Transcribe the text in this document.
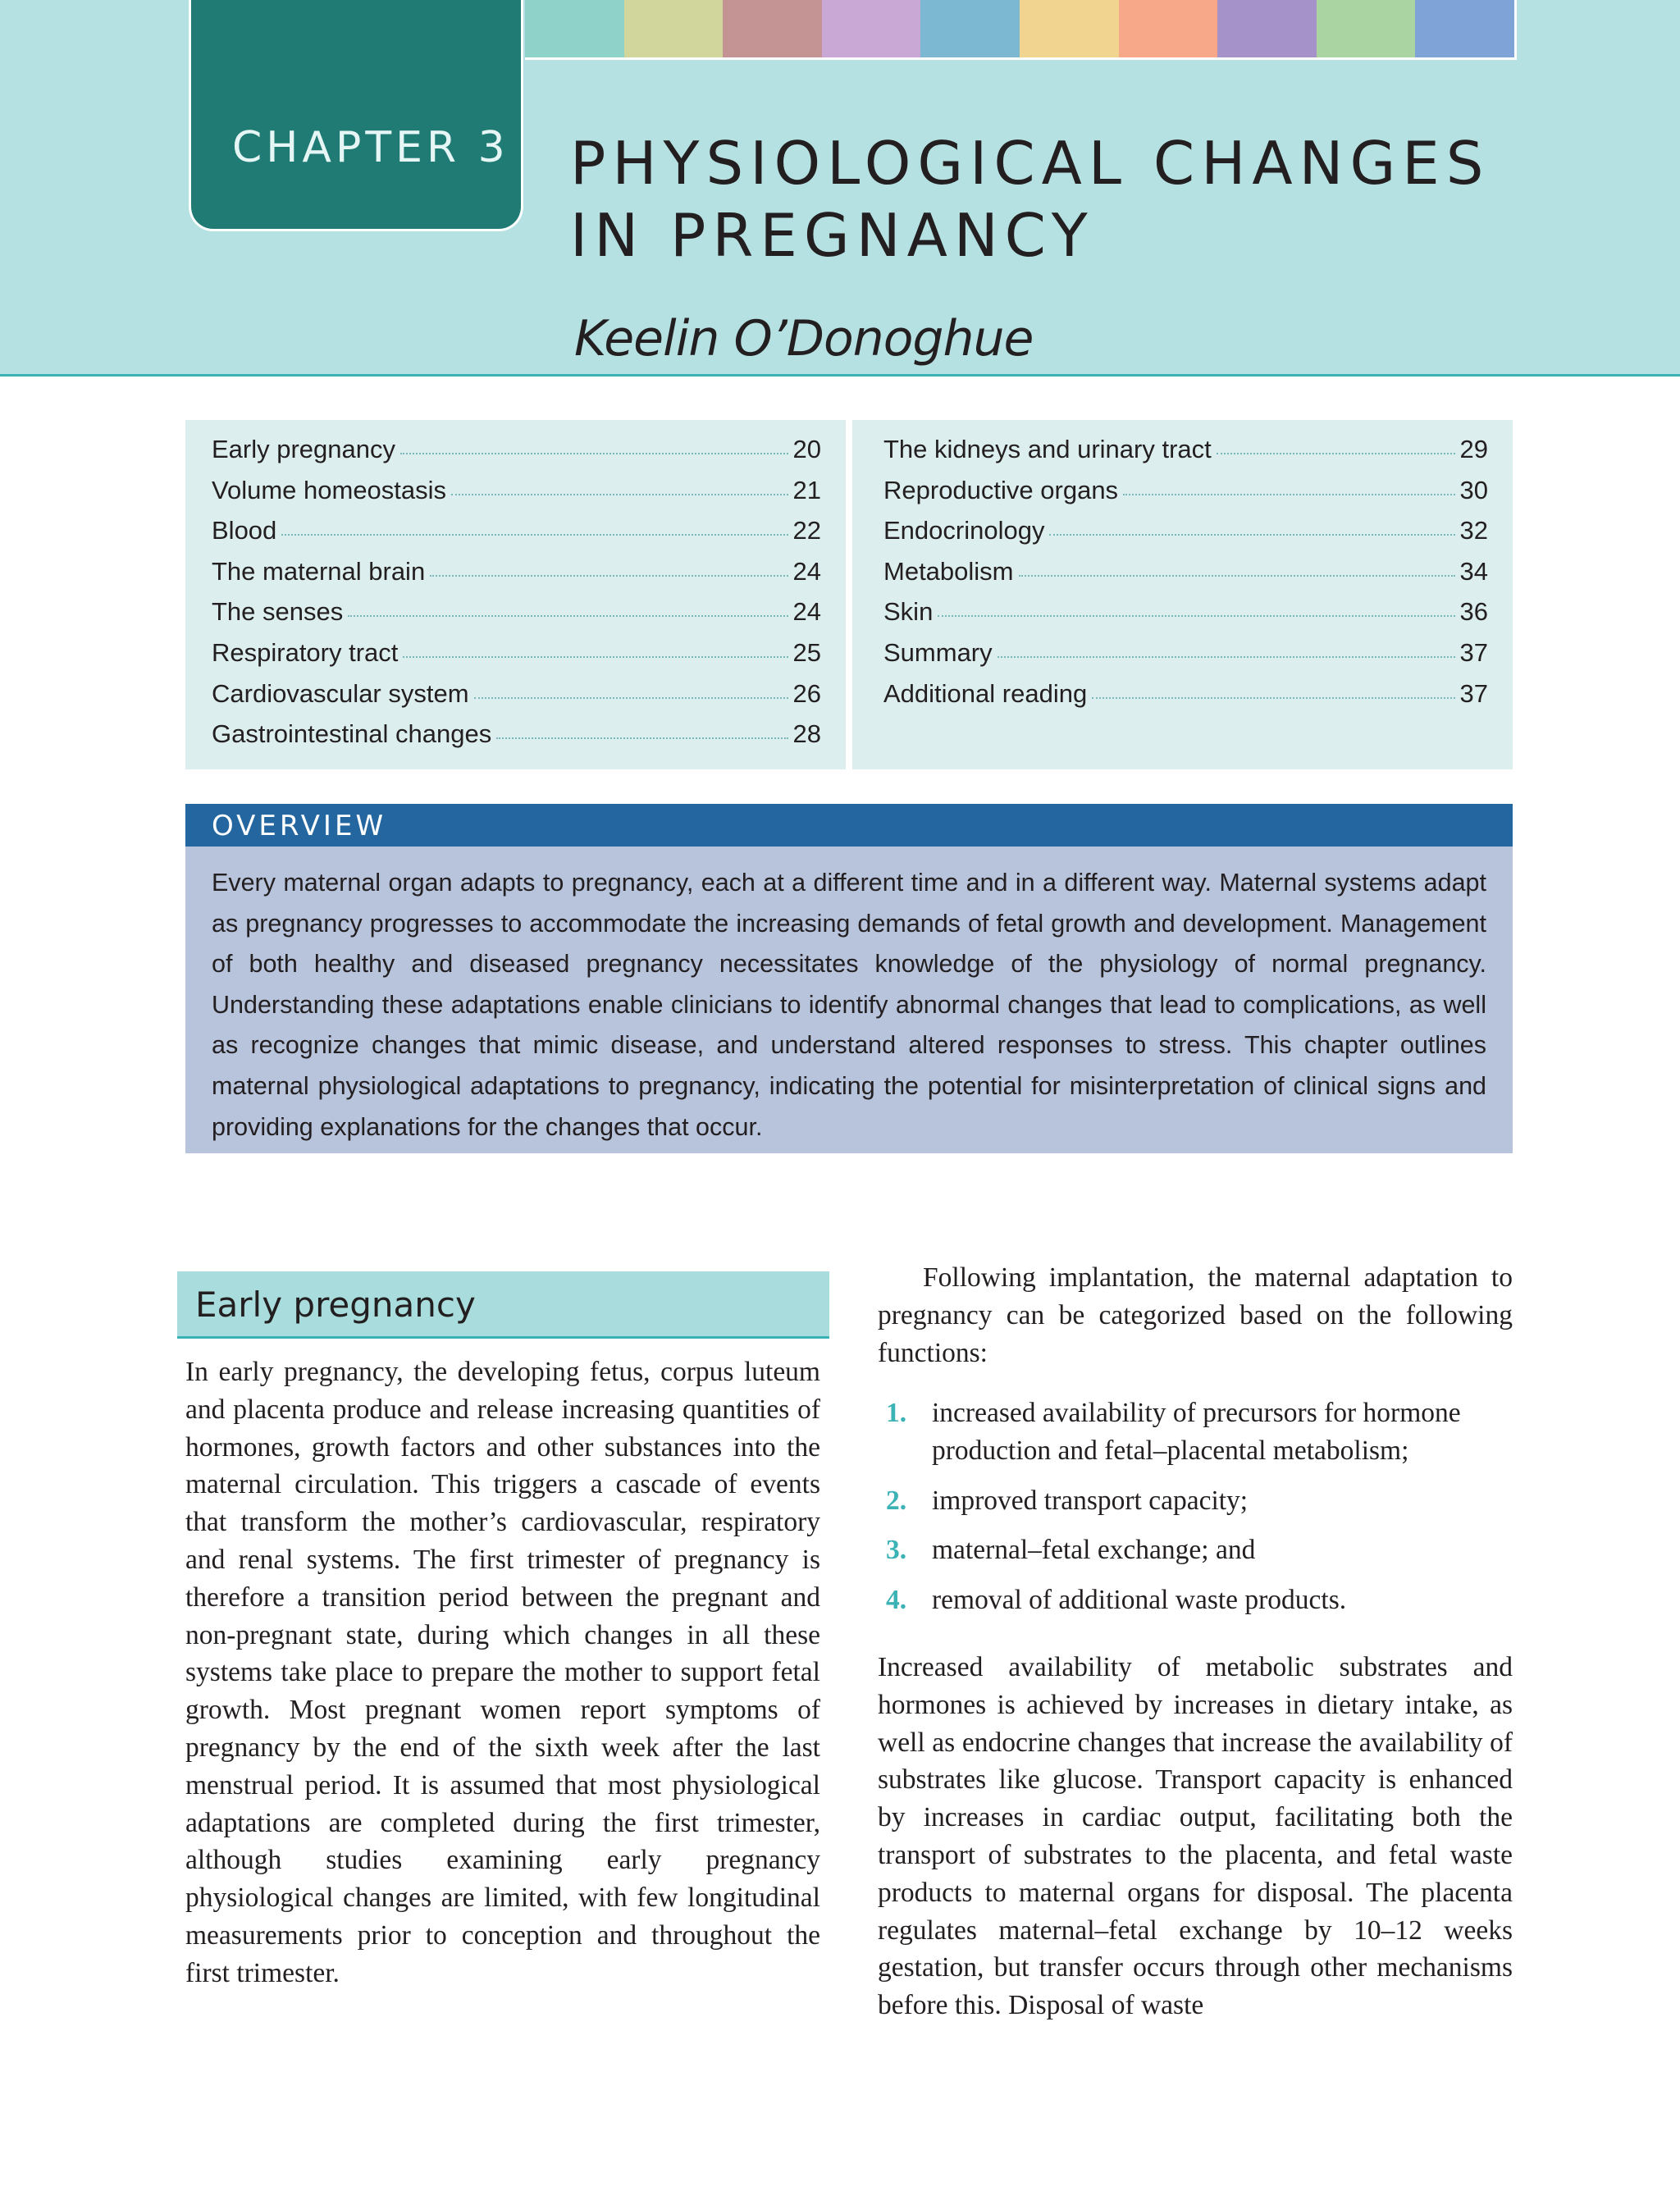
CHAPTER 3 PHYSIOLOGICAL CHANGES
IN PREGNANCY
Keelin O’Donoghue
Early pregnancy	20
Volume homeostasis	21
Blood	22
The maternal brain	24
The senses	24
Respiratory tract	25
Cardiovascular system	26
Gastrointestinal changes	28
The kidneys and urinary tract	29
Reproductive organs	30
Endocrinology	32
Metabolism	34
Skin	36
Summary	37
Additional reading	37
OVERVIEW
Every maternal organ adapts to pregnancy, each at a different time and in a different way. Maternal systems adapt as pregnancy progresses to accommodate the increasing demands of fetal growth and development. Management of both healthy and diseased pregnancy necessitates knowledge of the physiology of normal pregnancy. Understanding these adaptations enable clinicians to identify abnormal changes that lead to complications, as well as recognize changes that mimic disease, and understand altered responses to stress. This chapter outlines maternal physiological adaptations to pregnancy, indicating the potential for misinterpretation of clinical signs and providing explanations for the changes that occur.
Early pregnancy

In early pregnancy, the developing fetus, corpus luteum and placenta produce and release increasing quantities of hormones, growth factors and other substances into the maternal circulation. This triggers a cascade of events that transform the mother’s cardiovascular, respiratory and renal systems. The first trimester of pregnancy is therefore a transition period between the pregnant and non-pregnant state, during which changes in all these systems take place to prepare the mother to support fetal growth. Most pregnant women report symptoms of pregnancy by the end of the sixth week after the last menstrual period. It is assumed that most physiological adaptations are completed during the first trimester, although studies examining early pregnancy physiological changes are limited, with few longitudinal measurements prior to conception and throughout the first trimester.

Following implantation, the maternal adaptation to pregnancy can be categorized based on the following functions:

1. increased availability of precursors for hormone production and fetal–placental metabolism;
2. improved transport capacity;
3. maternal–fetal exchange; and
4. removal of additional waste products.

Increased availability of metabolic substrates and hormones is achieved by increases in dietary intake, as well as endocrine changes that increase the availability of substrates like glucose. Transport capacity is enhanced by increases in cardiac output, facilitating both the transport of substrates to the placenta, and fetal waste products to maternal organs for disposal. The placenta regulates maternal–fetal exchange by 10–12 weeks gestation, but transfer occurs through other mechanisms before this. Disposal of waste
